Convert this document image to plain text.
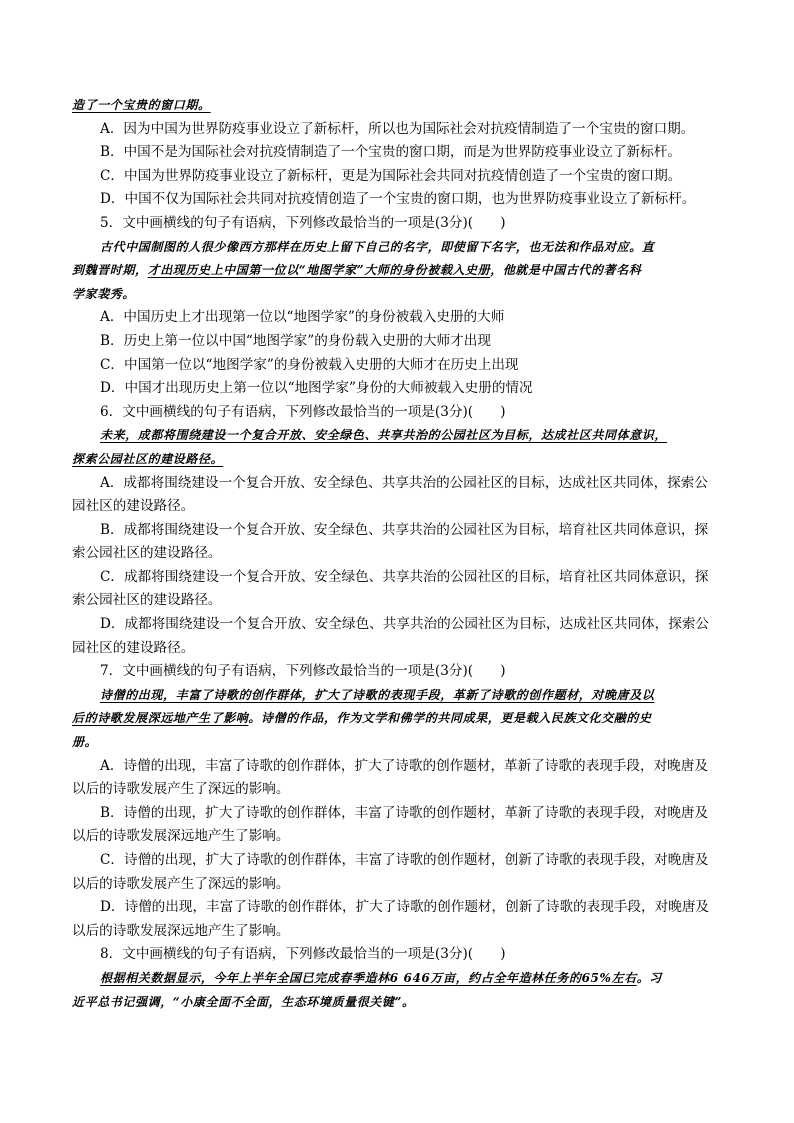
造了一个宝贵的窗口期。
A．因为中国为世界防疫事业设立了新标杆，所以也为国际社会对抗疫情制造了一个宝贵的窗口期。
B．中国不是为国际社会对抗疫情制造了一个宝贵的窗口期，而是为世界防疫事业设立了新标杆。
C．中国为世界防疫事业设立了新标杆，更是为国际社会共同对抗疫情创造了一个宝贵的窗口期。
D．中国不仅为国际社会共同对抗疫情创造了一个宝贵的窗口期，也为世界防疫事业设立了新标杆。
5．文中画横线的句子有语病，下列修改最恰当的一项是(3分)(　　)
古代中国制图的人很少像西方那样在历史上留下自己的名字，即使留下名字，也无法和作品对应。直
到魏晋时期，才出现历史上中国第一位以“地图学家”大师的身份被载入史册，他就是中国古代的著名科
学家裴秀。
A．中国历史上才出现第一位以“地图学家”的身份被载入史册的大师
B．历史上第一位以中国“地图学家”的身份载入史册的大师才出现
C．中国第一位以“地图学家”的身份被载入史册的大师才在历史上出现
D．中国才出现历史上第一位以“地图学家”身份的大师被载入史册的情况
6．文中画横线的句子有语病，下列修改最恰当的一项是(3分)(　　)
未来，成都将围绕建设一个复合开放、安全绿色、共享共治的公园社区为目标，达成社区共同体意识，
探索公园社区的建设路径。
A．成都将围绕建设一个复合开放、安全绿色、共享共治的公园社区的目标，达成社区共同体，探索公
园社区的建设路径。
B．成都将围绕建设一个复合开放、安全绿色、共享共治的公园社区为目标，培育社区共同体意识，探
索公园社区的建设路径。
C．成都将围绕建设一个复合开放、安全绿色、共享共治的公园社区的目标，培育社区共同体意识，探
索公园社区的建设路径。
D．成都将围绕建设一个复合开放、安全绿色、共享共治的公园社区为目标，达成社区共同体，探索公
园社区的建设路径。
7．文中画横线的句子有语病，下列修改最恰当的一项是(3分)(　　)
诗僧的出现，丰富了诗歌的创作群体，扩大了诗歌的表现手段，革新了诗歌的创作题材，对晚唐及以
后的诗歌发展深远地产生了影响。诗僧的作品，作为文学和佛学的共同成果，更是载入民族文化交融的史
册。
A．诗僧的出现，丰富了诗歌的创作群体，扩大了诗歌的创作题材，革新了诗歌的表现手段，对晚唐及
以后的诗歌发展产生了深远的影响。
B．诗僧的出现，扩大了诗歌的创作群体，丰富了诗歌的创作题材，革新了诗歌的表现手段，对晚唐及
以后的诗歌发展深远地产生了影响。
C．诗僧的出现，扩大了诗歌的创作群体，丰富了诗歌的创作题材，创新了诗歌的表现手段，对晚唐及
以后的诗歌发展产生了深远的影响。
D．诗僧的出现，丰富了诗歌的创作群体，扩大了诗歌的创作题材，创新了诗歌的表现手段，对晚唐及
以后的诗歌发展深远地产生了影响。
8．文中画横线的句子有语病，下列修改最恰当的一项是(3分)(　　)
根据相关数据显示，今年上半年全国已完成春季造林6 646万亩，约占全年造林任务的65%左右。习
近平总书记强调，“小康全面不全面，生态环境质量很关键”。
